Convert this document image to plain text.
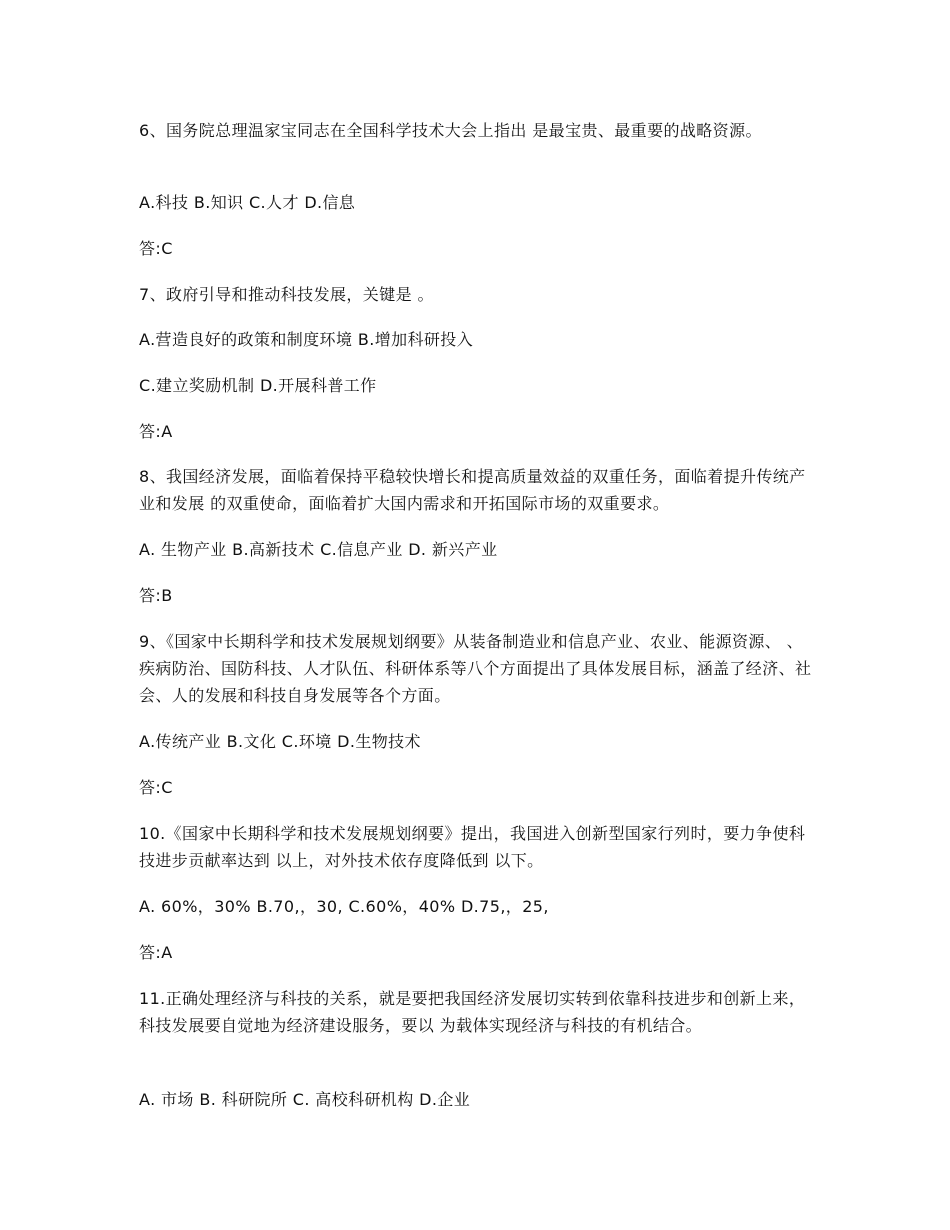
6、国务院总理温家宝同志在全国科学技术大会上指出 是最宝贵、最重要的战略资源。
A.科技 B.知识 C.人才 D.信息
答:C
7、政府引导和推动科技发展，关键是 。
A.营造良好的政策和制度环境 B.增加科研投入
C.建立奖励机制 D.开展科普工作
答:A
8、我国经济发展，面临着保持平稳较快增长和提高质量效益的双重任务，面临着提升传统产业和发展 的双重使命，面临着扩大国内需求和开拓国际市场的双重要求。
A. 生物产业 B.高新技术 C.信息产业 D. 新兴产业
答:B
9、《国家中长期科学和技术发展规划纲要》从装备制造业和信息产业、农业、能源资源、 、疾病防治、国防科技、人才队伍、科研体系等八个方面提出了具体发展目标，涵盖了经济、社会、人的发展和科技自身发展等各个方面。
A.传统产业 B.文化 C.环境 D.生物技术
答:C
10.《国家中长期科学和技术发展规划纲要》提出，我国进入创新型国家行列时，要力争使科技进步贡献率达到 以上，对外技术依存度降低到 以下。
A. 60%，30% B.70,，30, C.60%，40% D.75,，25,
答:A
11.正确处理经济与科技的关系，就是要把我国经济发展切实转到依靠科技进步和创新上来，科技发展要自觉地为经济建设服务，要以 为载体实现经济与科技的有机结合。
A. 市场 B. 科研院所 C. 高校科研机构 D.企业
